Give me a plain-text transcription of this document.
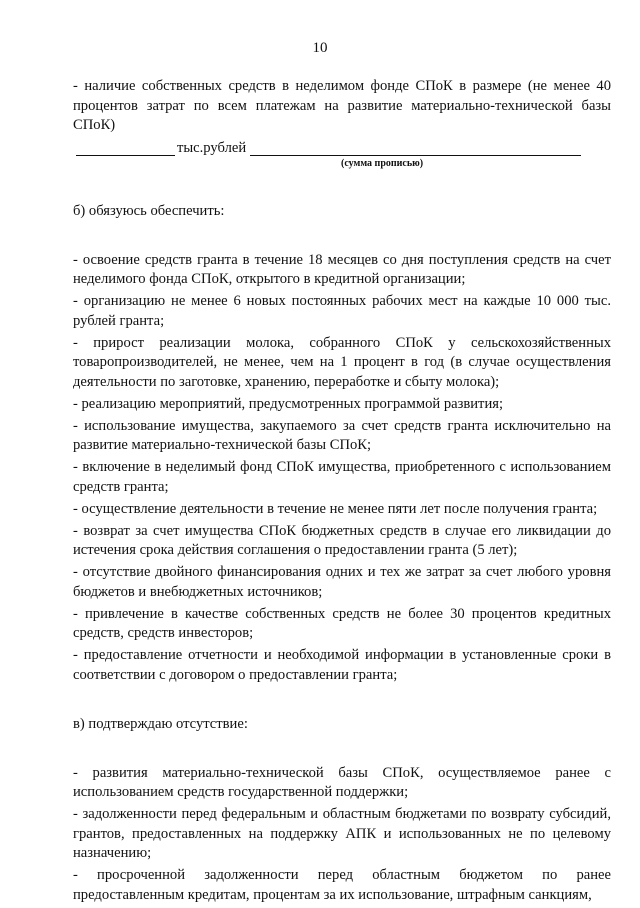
10

- наличие собственных средств в неделимом фонде СПоК в размере (не менее 40 процентов затрат по всем платежам на развитие материально-технической базы СПоК)

тыс.рублей
(сумма прописью)

б) обязуюсь обеспечить:

- освоение средств гранта в течение 18 месяцев со дня поступления средств на счет неделимого фонда СПоК, открытого в кредитной организации;

- организацию не менее 6 новых постоянных рабочих мест на каждые 10 000 тыс. рублей гранта;

- прирост реализации молока, собранного СПоК у сельскохозяйственных товаропроизводителей, не менее, чем на 1 процент в год (в случае осуществления деятельности по заготовке, хранению, переработке и сбыту молока);

- реализацию мероприятий, предусмотренных программой развития;

- использование имущества, закупаемого за счет средств гранта исключительно на развитие материально-технической базы СПоК;

- включение в неделимый фонд СПоК имущества, приобретенного с использованием средств гранта;

- осуществление деятельности в течение не менее пяти лет после получения гранта;

- возврат за счет имущества СПоК бюджетных средств в случае его ликвидации до истечения срока действия соглашения о предоставлении гранта (5 лет);

- отсутствие двойного финансирования одних и тех же затрат за счет любого уровня бюджетов и внебюджетных источников;

- привлечение в качестве собственных средств не более 30 процентов кредитных средств, средств инвесторов;

- предоставление отчетности и необходимой информации в установленные сроки в соответствии с договором о предоставлении гранта;

в) подтверждаю отсутствие:

- развития материально-технической базы СПоК, осуществляемое ранее с использованием средств государственной поддержки;

- задолженности перед федеральным и областным бюджетами по возврату субсидий, грантов, предоставленных на поддержку АПК и использованных не по целевому назначению;

- просроченной задолженности перед областным бюджетом по ранее предоставленным кредитам, процентам за их использование, штрафным санкциям,
